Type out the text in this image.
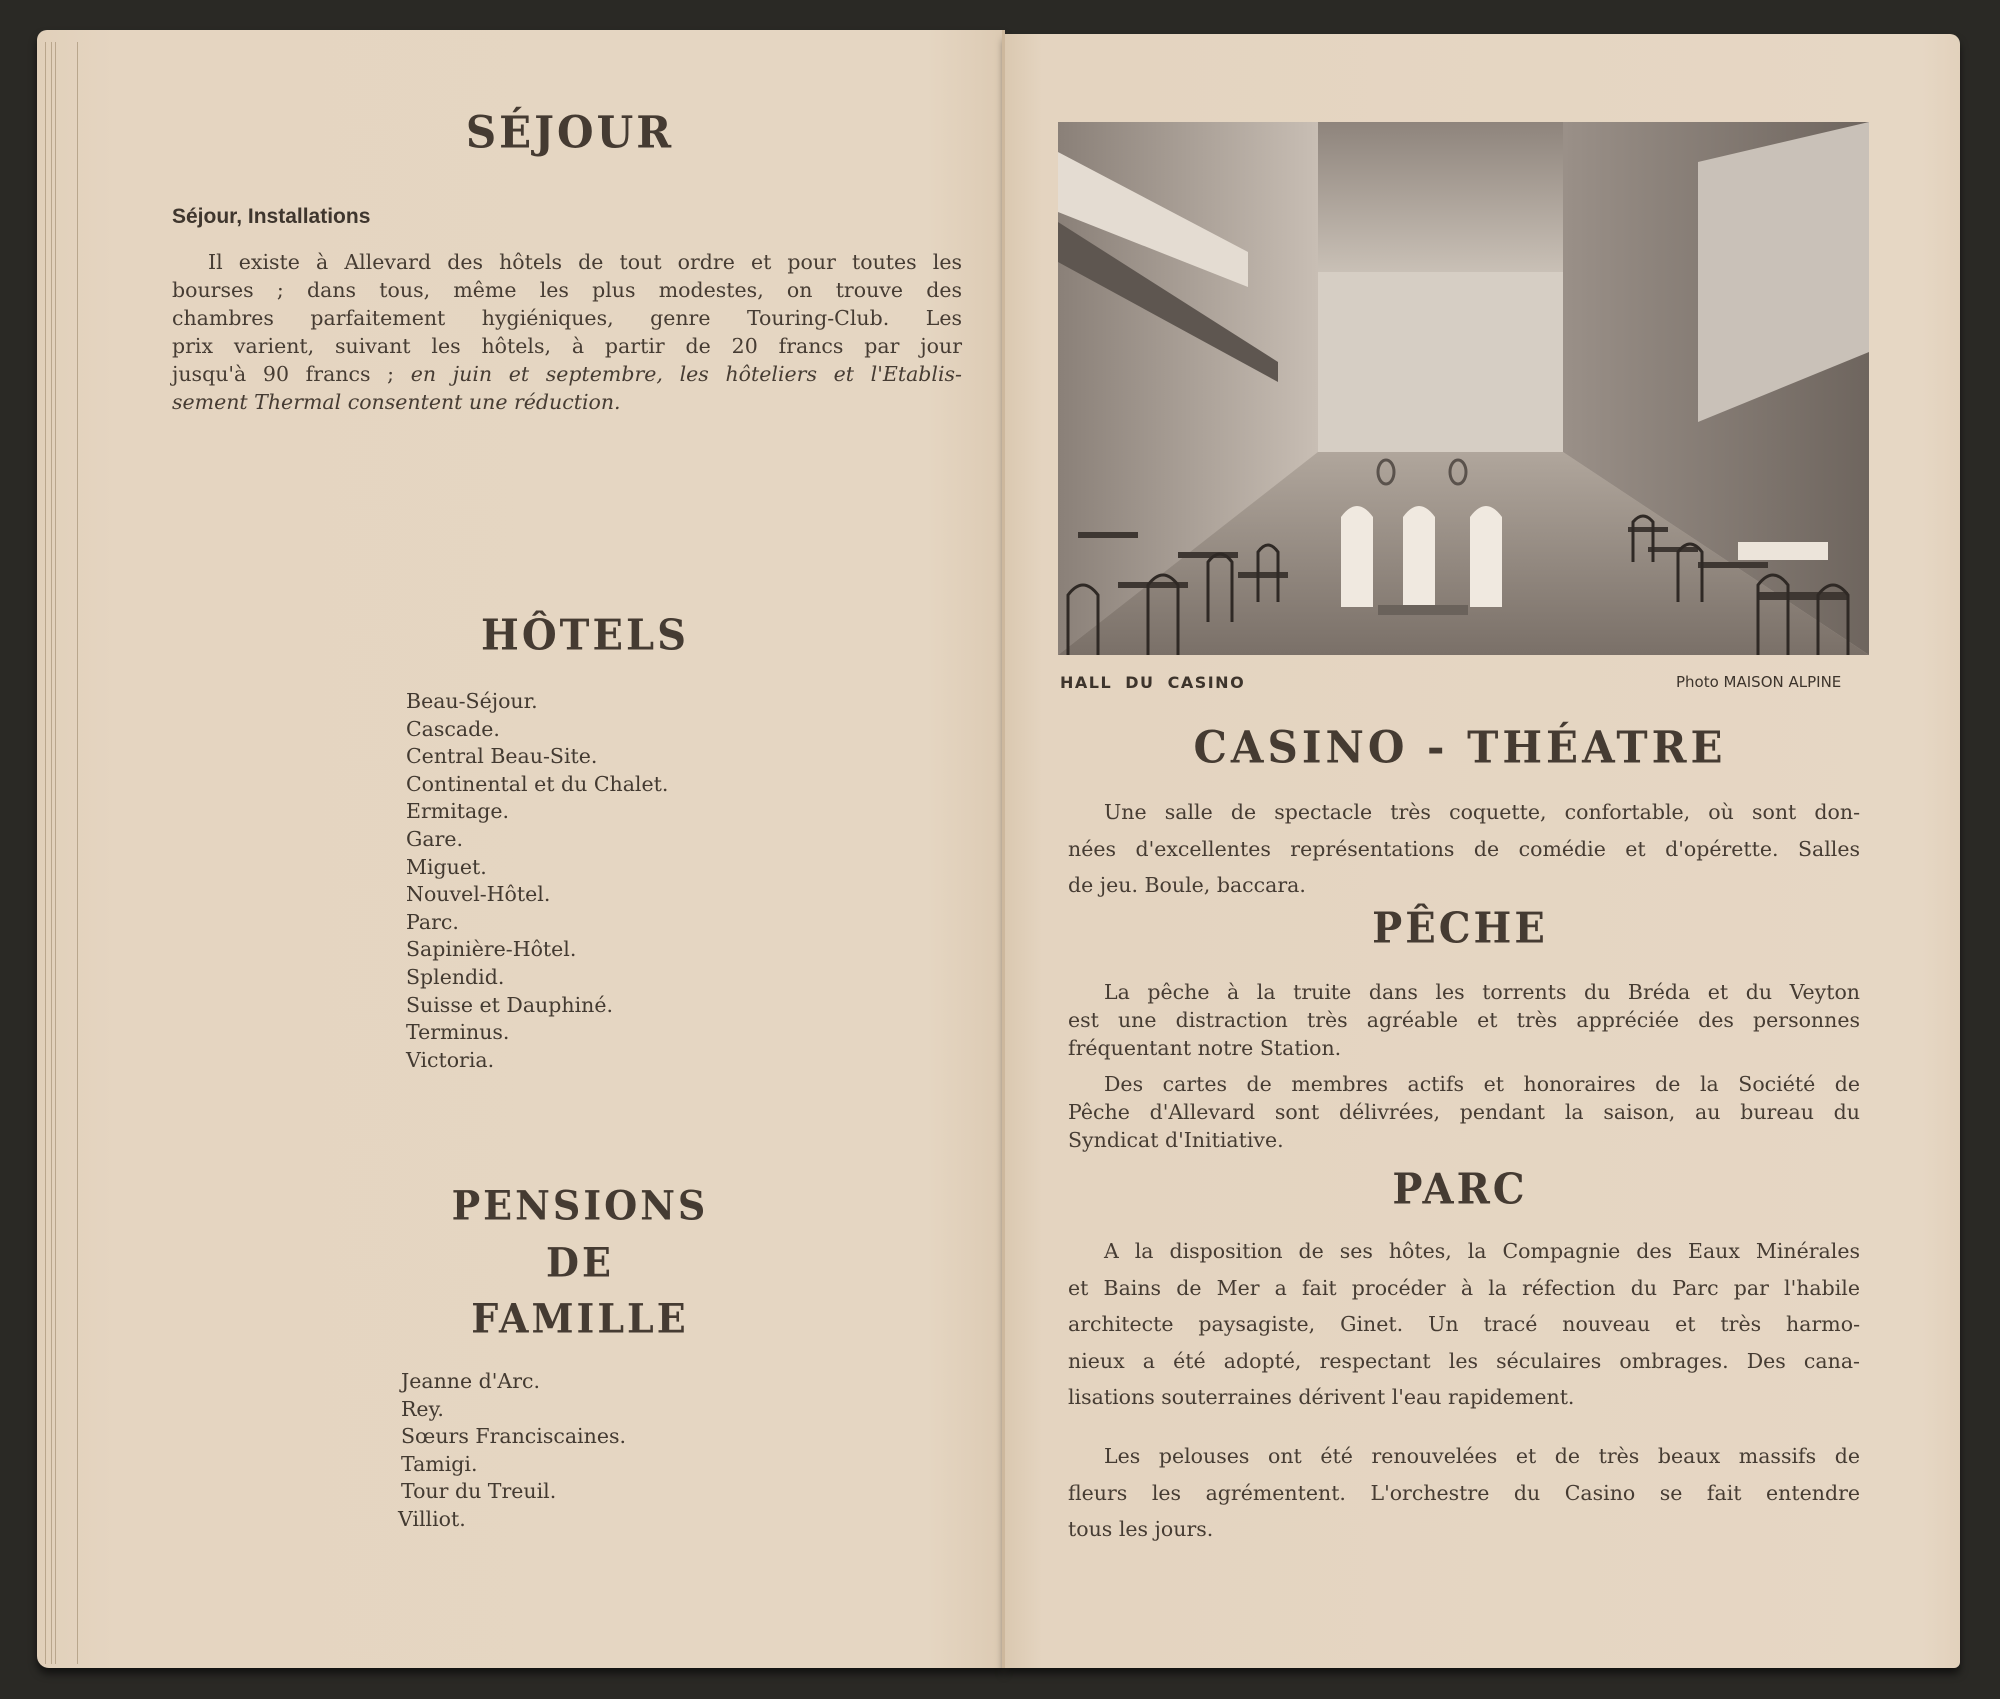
SÉJOUR
Séjour, Installations
Il existe à Allevard des hôtels de tout ordre et pour toutes les
bourses ; dans tous, même les plus modestes, on trouve des
chambres parfaitement hygiéniques, genre Touring-Club. Les
prix varient, suivant les hôtels, à partir de 20 francs par jour
jusqu'à 90 francs ; en juin et septembre, les hôteliers et l'Etablis-
sement Thermal consentent une réduction.
HÔTELS
Beau-Séjour.
Cascade.
Central Beau-Site.
Continental et du Chalet.
Ermitage.
Gare.
Miguet.
Nouvel-Hôtel.
Parc.
Sapinière-Hôtel.
Splendid.
Suisse et Dauphiné.
Terminus.
Victoria.
PENSIONS
DE
FAMILLE
Jeanne d'Arc.
Rey.
Sœurs Franciscaines.
Tamigi.
Tour du Treuil.
Villiot.
HALL DU CASINO	Photo MAISON ALPINE
CASINO - THÉATRE
Une salle de spectacle très coquette, confortable, où sont don-
nées d'excellentes représentations de comédie et d'opérette. Salles
de jeu. Boule, baccara.
PÊCHE
La pêche à la truite dans les torrents du Bréda et du Veyton
est une distraction très agréable et très appréciée des personnes
fréquentant notre Station.
Des cartes de membres actifs et honoraires de la Société de
Pêche d'Allevard sont délivrées, pendant la saison, au bureau du
Syndicat d'Initiative.
PARC
A la disposition de ses hôtes, la Compagnie des Eaux Minérales
et Bains de Mer a fait procéder à la réfection du Parc par l'habile
architecte paysagiste, Ginet. Un tracé nouveau et très harmo-
nieux a été adopté, respectant les séculaires ombrages. Des cana-
lisations souterraines dérivent l'eau rapidement.
Les pelouses ont été renouvelées et de très beaux massifs de
fleurs les agrémentent. L'orchestre du Casino se fait entendre
tous les jours.
